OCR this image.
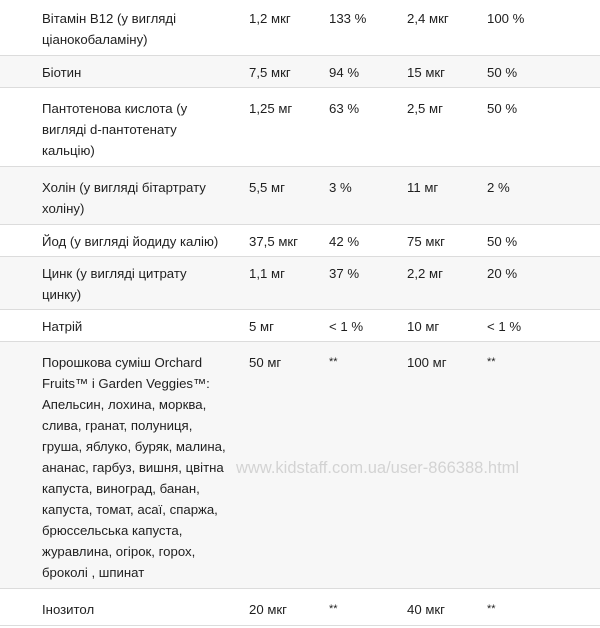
Вітамін B12 (у вигляді ціанокобаламіну)	1,2 мкг	133 %	2,4 мкг	100 %
Біотин	7,5 мкг	94 %	15 мкг	50 %
Пантотенова кислота (у вигляді d-пантотенату кальцію)	1,25 мг	63 %	2,5 мг	50 %
Холін (у вигляді бітартрату холіну)	5,5 мг	3 %	11 мг	2 %
Йод (у вигляді йодиду калію)	37,5 мкг	42 %	75 мкг	50 %
Цинк (у вигляді цитрату цинку)	1,1 мг	37 %	2,2 мг	20 %
Натрій	5 мг	< 1 %	10 мг	< 1 %
Порошкова суміш Orchard Fruits™ і Garden Veggies™: Апельсин, лохина, морква, слива, гранат, полуниця, груша, яблуко, буряк, малина, ананас, гарбуз, вишня, цвітна капуста, виноград, банан, капуста, томат, асаї, спаржа, брюссельська капуста, журавлина, огірок, горох, броколі , шпинат	50 мг	**	100 мг	**
Інозитол	20 мкг	**	40 мкг	**
www.kidstaff.com.ua/user-866388.html
